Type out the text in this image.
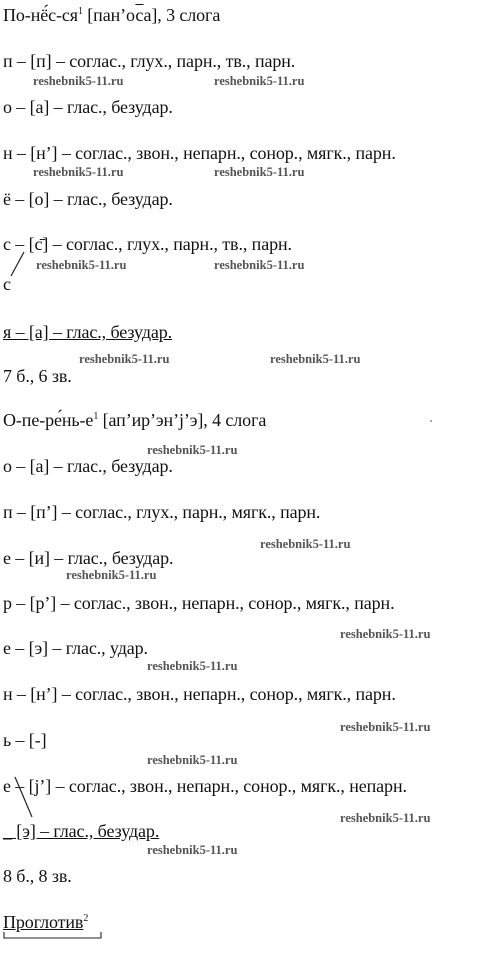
$По-нё́с-ся^1$ [пан’оса], 3 слога
п – [п] – соглас., глух., парн., тв., парн.
о – [а] – глас., безудар.
н – [н’] – соглас., звон., непарн., сонор., мягк., парн.
ё – [о] – глас., безудар.
с – [с̄] – соглас., глух., парн., тв., парн.
с
я – [а] – глас., безудар.
7 б., 6 зв.
$О-пе-ре́нь-е^1$ [ап’ир’эн’j’э], 4 слога	·
о – [а] – глас., безудар.
п – [п’] – соглас., глух., парн., мягк., парн.
е – [и] – глас., безудар.
р – [р’] – соглас., звон., непарн., сонор., мягк., парн.
е – [э] – глас., удар.
н – [н’] – соглас., звон., непарн., сонор., мягк., парн.
ь – [-]
е – [j’] – соглас., звон., непарн., сонор., мягк., непарн.
_ [э] – глас., безудар.
8 б., 8 зв.
Проглотив$^2$
reshebnik5-11.ru	reshebnik5-11.ru
reshebnik5-11.ru	reshebnik5-11.ru
reshebnik5-11.ru	reshebnik5-11.ru
reshebnik5-11.ru	reshebnik5-11.ru
reshebnik5-11.ru
reshebnik5-11.ru
reshebnik5-11.ru
reshebnik5-11.ru
reshebnik5-11.ru
reshebnik5-11.ru
reshebnik5-11.ru
reshebnik5-11.ru
reshebnik5-11.ru
